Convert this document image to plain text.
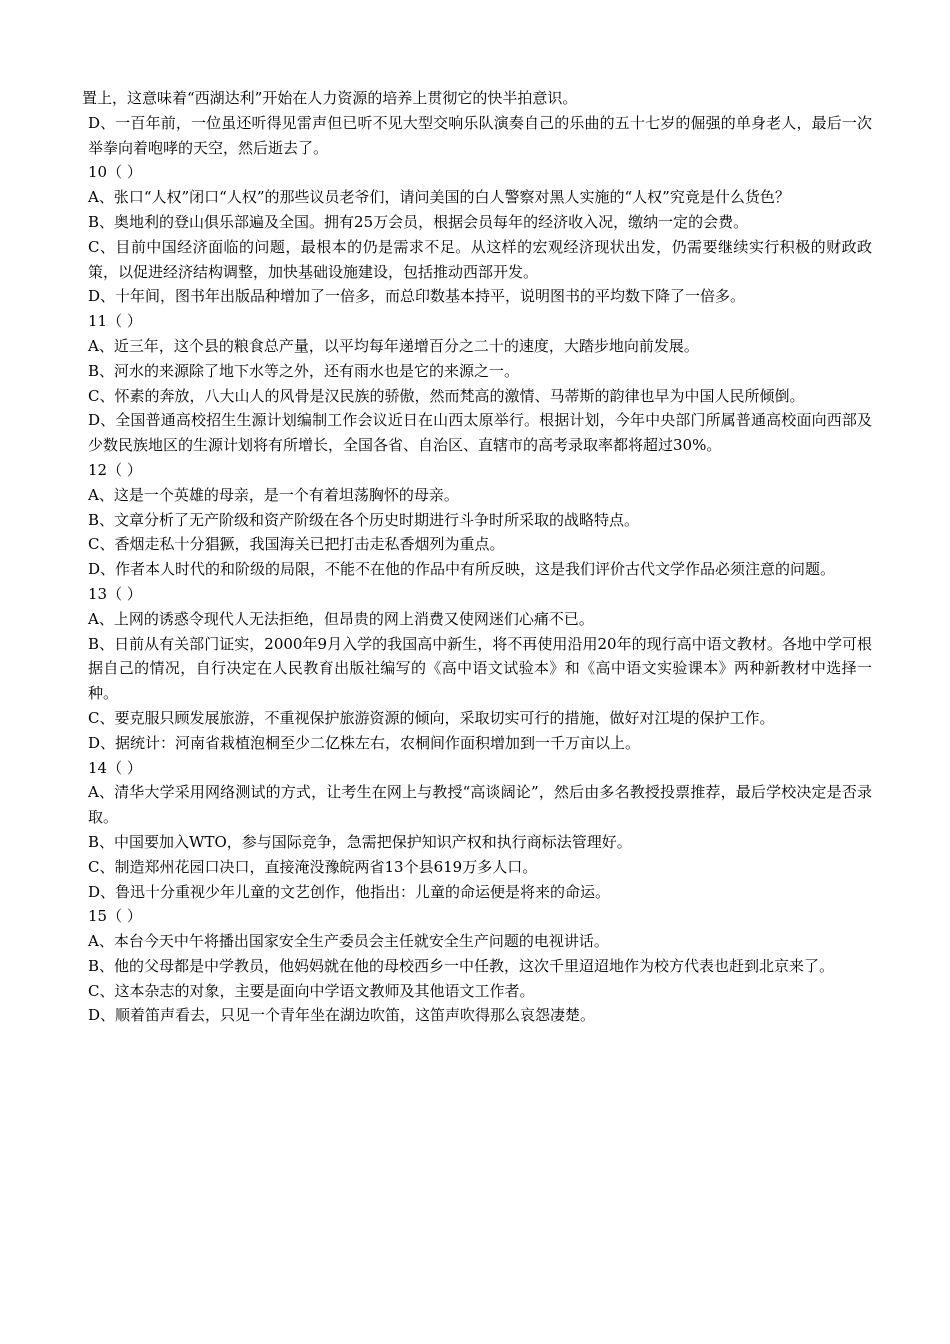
置上，这意味着“西湖达利”开始在人力资源的培养上贯彻它的快半拍意识。

D、一百年前，一位虽还听得见雷声但已听不见大型交响乐队演奏自己的乐曲的五十七岁的倔强的单身老人，最后一次举拳向着咆哮的天空，然后逝去了。

10（ ）

A、张口“人权”闭口“人权”的那些议员老爷们，请问美国的白人警察对黑人实施的“人权”究竟是什么货色？

B、奥地利的登山俱乐部遍及全国。拥有25万会员，根据会员每年的经济收入况，缴纳一定的会费。

C、目前中国经济面临的问题，最根本的仍是需求不足。从这样的宏观经济现状出发，仍需要继续实行积极的财政政策，以促进经济结构调整，加快基础设施建设，包括推动西部开发。

D、十年间，图书年出版品种增加了一倍多，而总印数基本持平，说明图书的平均数下降了一倍多。

11（ ）

A、近三年，这个县的粮食总产量，以平均每年递增百分之二十的速度，大踏步地向前发展。

B、河水的来源除了地下水等之外，还有雨水也是它的来源之一。

C、怀素的奔放，八大山人的风骨是汉民族的骄傲，然而梵高的激情、马蒂斯的韵律也早为中国人民所倾倒。

D、全国普通高校招生生源计划编制工作会议近日在山西太原举行。根据计划，今年中央部门所属普通高校面向西部及少数民族地区的生源计划将有所增长，全国各省、自治区、直辖市的高考录取率都将超过30%。

12（ ）

A、这是一个英雄的母亲，是一个有着坦荡胸怀的母亲。

B、文章分析了无产阶级和资产阶级在各个历史时期进行斗争时所采取的战略特点。

C、香烟走私十分猖獗，我国海关已把打击走私香烟列为重点。

D、作者本人时代的和阶级的局限，不能不在他的作品中有所反映，这是我们评价古代文学作品必须注意的问题。

13（ ）

A、上网的诱惑令现代人无法拒绝，但昂贵的网上消费又使网迷们心痛不已。

B、日前从有关部门证实，2000年9月入学的我国高中新生，将不再使用沿用20年的现行高中语文教材。各地中学可根据自己的情况，自行决定在人民教育出版社编写的《高中语文试验本》和《高中语文实验课本》两种新教材中选择一种。

C、要克服只顾发展旅游，不重视保护旅游资源的倾向，采取切实可行的措施，做好对江堤的保护工作。

D、据统计：河南省栽植泡桐至少二亿株左右，农桐间作面积增加到一千万亩以上。

14（ ）

A、清华大学采用网络测试的方式，让考生在网上与教授“高谈阔论”，然后由多名教授投票推荐，最后学校决定是否录取。

B、中国要加入WTO，参与国际竞争，急需把保护知识产权和执行商标法管理好。

C、制造郑州花园口决口，直接淹没豫皖两省13个县619万多人口。

D、鲁迅十分重视少年儿童的文艺创作，他指出：儿童的命运便是将来的命运。

15（ ）

A、本台今天中午将播出国家安全生产委员会主任就安全生产问题的电视讲话。

B、他的父母都是中学教员，他妈妈就在他的母校西乡一中任教，这次千里迢迢地作为校方代表也赶到北京来了。

C、这本杂志的对象，主要是面向中学语文教师及其他语文工作者。

D、顺着笛声看去，只见一个青年坐在湖边吹笛，这笛声吹得那么哀怨凄楚。
